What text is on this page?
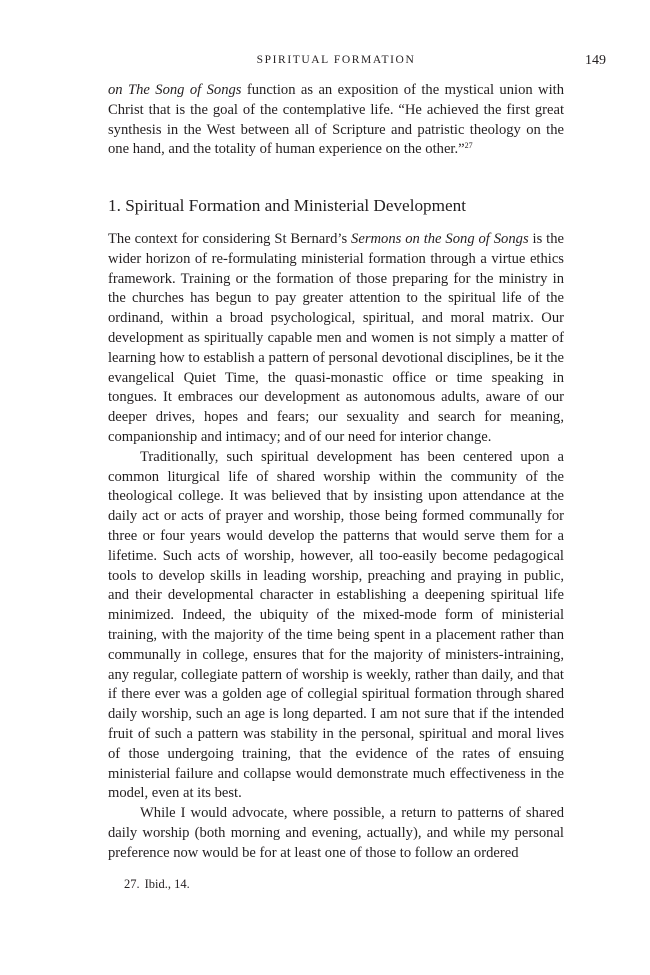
SPIRITUAL FORMATION	149

on The Song of Songs function as an exposition of the mystical union with Christ that is the goal of the contemplative life. “He achieved the first great synthesis in the West between all of Scripture and patristic theology on the one hand, and the totality of human experience on the other.”$^{27}$

1. Spiritual Formation and Ministerial Development

The context for considering St Bernard’s Sermons on the Song of Songs is the wider horizon of re-formulating ministerial formation through a virtue ethics framework. Training or the formation of those preparing for the ministry in the churches has begun to pay greater attention to the spiritual life of the ordinand, within a broad psychological, spiritual, and moral matrix. Our development as spiritually capable men and women is not simply a matter of learning how to establish a pattern of personal devotional disciplines, be it the evangelical Quiet Time, the quasi-monastic office or time speaking in tongues. It embraces our development as autonomous adults, aware of our deeper drives, hopes and fears; our sexuality and search for meaning, companionship and intimacy; and of our need for interior change.

Traditionally, such spiritual development has been centered upon a common liturgical life of shared worship within the community of the theological college. It was believed that by insisting upon attendance at the daily act or acts of prayer and worship, those being formed communally for three or four years would develop the patterns that would serve them for a lifetime. Such acts of worship, however, all too-easily become pedagogical tools to develop skills in leading worship, preaching and praying in public, and their developmental character in establishing a deepening spiritual life minimized. Indeed, the ubiquity of the mixed-mode form of ministerial training, with the majority of the time being spent in a placement rather than communally in college, ensures that for the majority of ministers-intraining, any regular, collegiate pattern of worship is weekly, rather than daily, and that if there ever was a golden age of collegial spiritual formation through shared daily worship, such an age is long departed. I am not sure that if the intended fruit of such a pattern was stability in the personal, spiritual and moral lives of those undergoing training, that the evidence of the rates of ensuing ministerial failure and collapse would demonstrate much effectiveness in the model, even at its best.

While I would advocate, where possible, a return to patterns of shared daily worship (both morning and evening, actually), and while my personal preference now would be for at least one of those to follow an ordered

27. Ibid., 14.
